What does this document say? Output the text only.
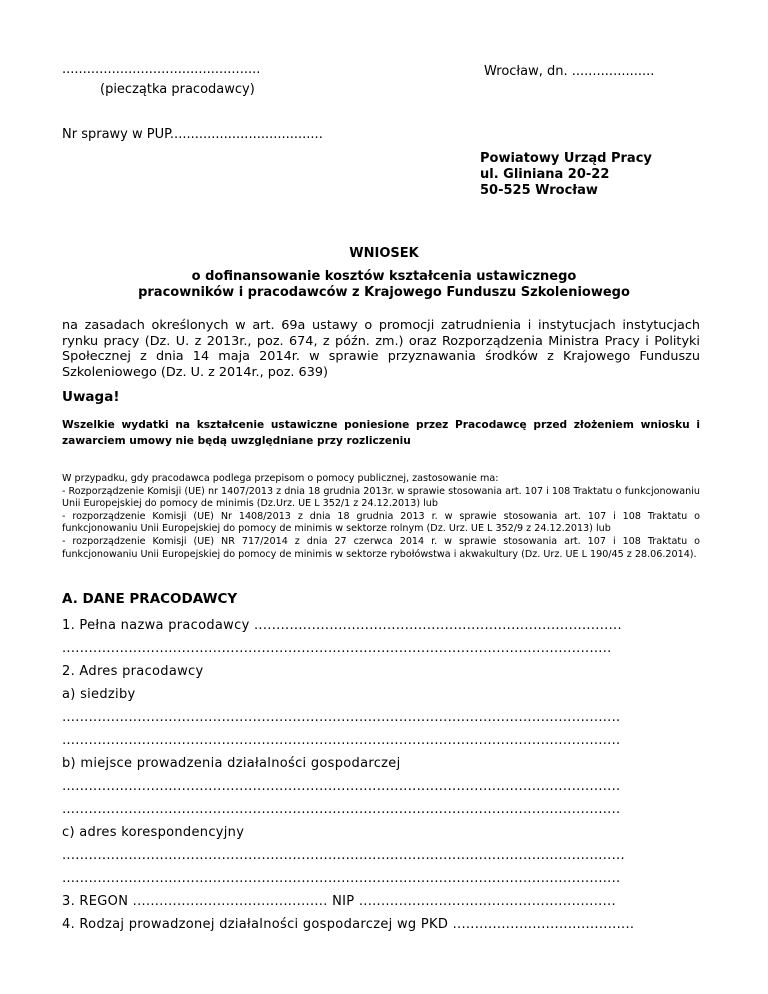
................................................
(pieczątka pracodawcy)
Wrocław, dn. ....................
Nr sprawy w PUP.....................................
Powiatowy Urząd Pracy
ul. Gliniana 20-22
50-525 Wrocław
WNIOSEK
o dofinansowanie kosztów kształcenia ustawicznego
pracowników i pracodawców z Krajowego Funduszu Szkoleniowego
na zasadach określonych w art. 69a ustawy o promocji zatrudnienia i instytucjach instytucjach rynku pracy (Dz. U. z 2013r., poz. 674, z późn. zm.) oraz Rozporządzenia Ministra Pracy i Polityki Społecznej z dnia 14 maja 2014r. w sprawie przyznawania środków z Krajowego Funduszu Szkoleniowego (Dz. U. z 2014r., poz. 639)
Uwaga!
Wszelkie wydatki na kształcenie ustawiczne poniesione przez Pracodawcę przed złożeniem wniosku i zawarciem umowy nie będą uwzględniane przy rozliczeniu
W przypadku, gdy pracodawca podlega przepisom o pomocy publicznej, zastosowanie ma:
- Rozporządzenie Komisji (UE) nr 1407/2013 z dnia 18 grudnia 2013r. w sprawie stosowania art. 107 i 108 Traktatu o funkcjonowaniu Unii Europejskiej do pomocy de minimis (Dz.Urz. UE L 352/1 z 24.12.2013) lub
- rozporządzenie Komisji (UE) Nr 1408/2013 z dnia 18 grudnia 2013 r. w sprawie stosowania art. 107 i 108 Traktatu o funkcjonowaniu Unii Europejskiej do pomocy de minimis w sektorze rolnym (Dz. Urz. UE L 352/9 z 24.12.2013) lub
- rozporządzenie Komisji (UE) NR 717/2014 z dnia 27 czerwca 2014 r. w sprawie stosowania art. 107 i 108 Traktatu o funkcjonowaniu Unii Europejskiej do pomocy de minimis w sektorze rybołówstwa i akwakultury (Dz. Urz. UE L 190/45 z 28.06.2014).
A. DANE PRACODAWCY
1. Pełna nazwa pracodawcy ...................................................................................
............................................................................................................................
2. Adres pracodawcy
a) siedziby
…...........................................................................................................................
…...........................................................................................................................
b) miejsce prowadzenia działalności gospodarczej
…...........................................................................................................................
…...........................................................................................................................
c) adres korespondencyjny
...............................................................................................................................
…...........................................................................................................................
3. REGON ............................................ NIP ..........................................................
4. Rodzaj prowadzonej działalności gospodarczej wg PKD .........................................
